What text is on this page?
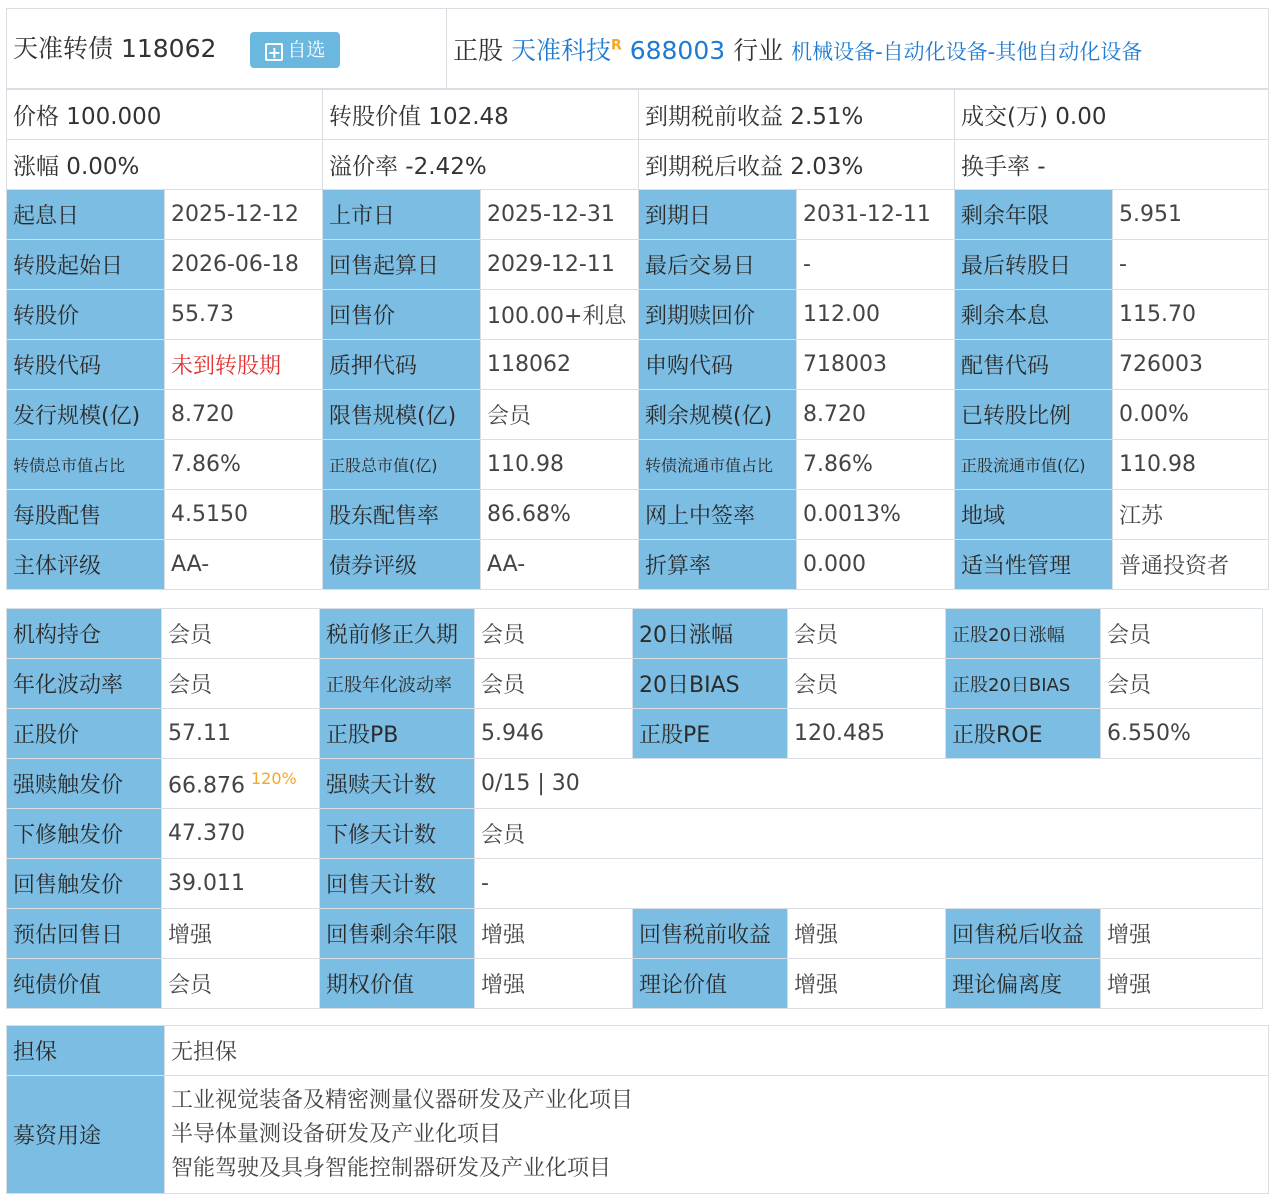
天准转债 118062	+ 自选	正股 天准科技$^R$ 688003 行业 机械设备-自动化设备-其他自动化设备
价格 100.000	转股价值 102.48	到期税前收益 2.51%	成交(万) 0.00
涨幅 0.00%	溢价率 -2.42%	到期税后收益 2.03%	换手率 -
起息日	2025-12-12	上市日	2025-12-31	到期日	2031-12-11	剩余年限	5.951
转股起始日	2026-06-18	回售起算日	2029-12-11	最后交易日	-	最后转股日	-
转股价	55.73	回售价	100.00+利息	到期赎回价	112.00	剩余本息	115.70
转股代码	未到转股期	质押代码	118062	申购代码	718003	配售代码	726003
发行规模(亿)	8.720	限售规模(亿)	会员	剩余规模(亿)	8.720	已转股比例	0.00%
转债总市值占比	7.86%	正股总市值(亿)	110.98	转债流通市值占比	7.86%	正股流通市值(亿)	110.98
每股配售	4.5150	股东配售率	86.68%	网上中签率	0.0013%	地域	江苏
主体评级	AA-	债券评级	AA-	折算率	0.000	适当性管理	普通投资者
机构持仓	会员	税前修正久期	会员	20日涨幅	会员	正股20日涨幅	会员
年化波动率	会员	正股年化波动率	会员	20日BIAS	会员	正股20日BIAS	会员
正股价	57.11	正股PB	5.946	正股PE	120.485	正股ROE	6.550%
强赎触发价	66.876 $^{120\%}$	强赎天计数	0/15 | 30				
下修触发价	47.370	下修天计数	会员				
回售触发价	39.011	回售天计数	-				
预估回售日	增强	回售剩余年限	增强	回售税前收益	增强	回售税后收益	增强
纯债价值	会员	期权价值	增强	理论价值	增强	理论偏离度	增强
担保	无担保
募资用途	工业视觉装备及精密测量仪器研发及产业化项目
半导体量测设备研发及产业化项目
智能驾驶及具身智能控制器研发及产业化项目
